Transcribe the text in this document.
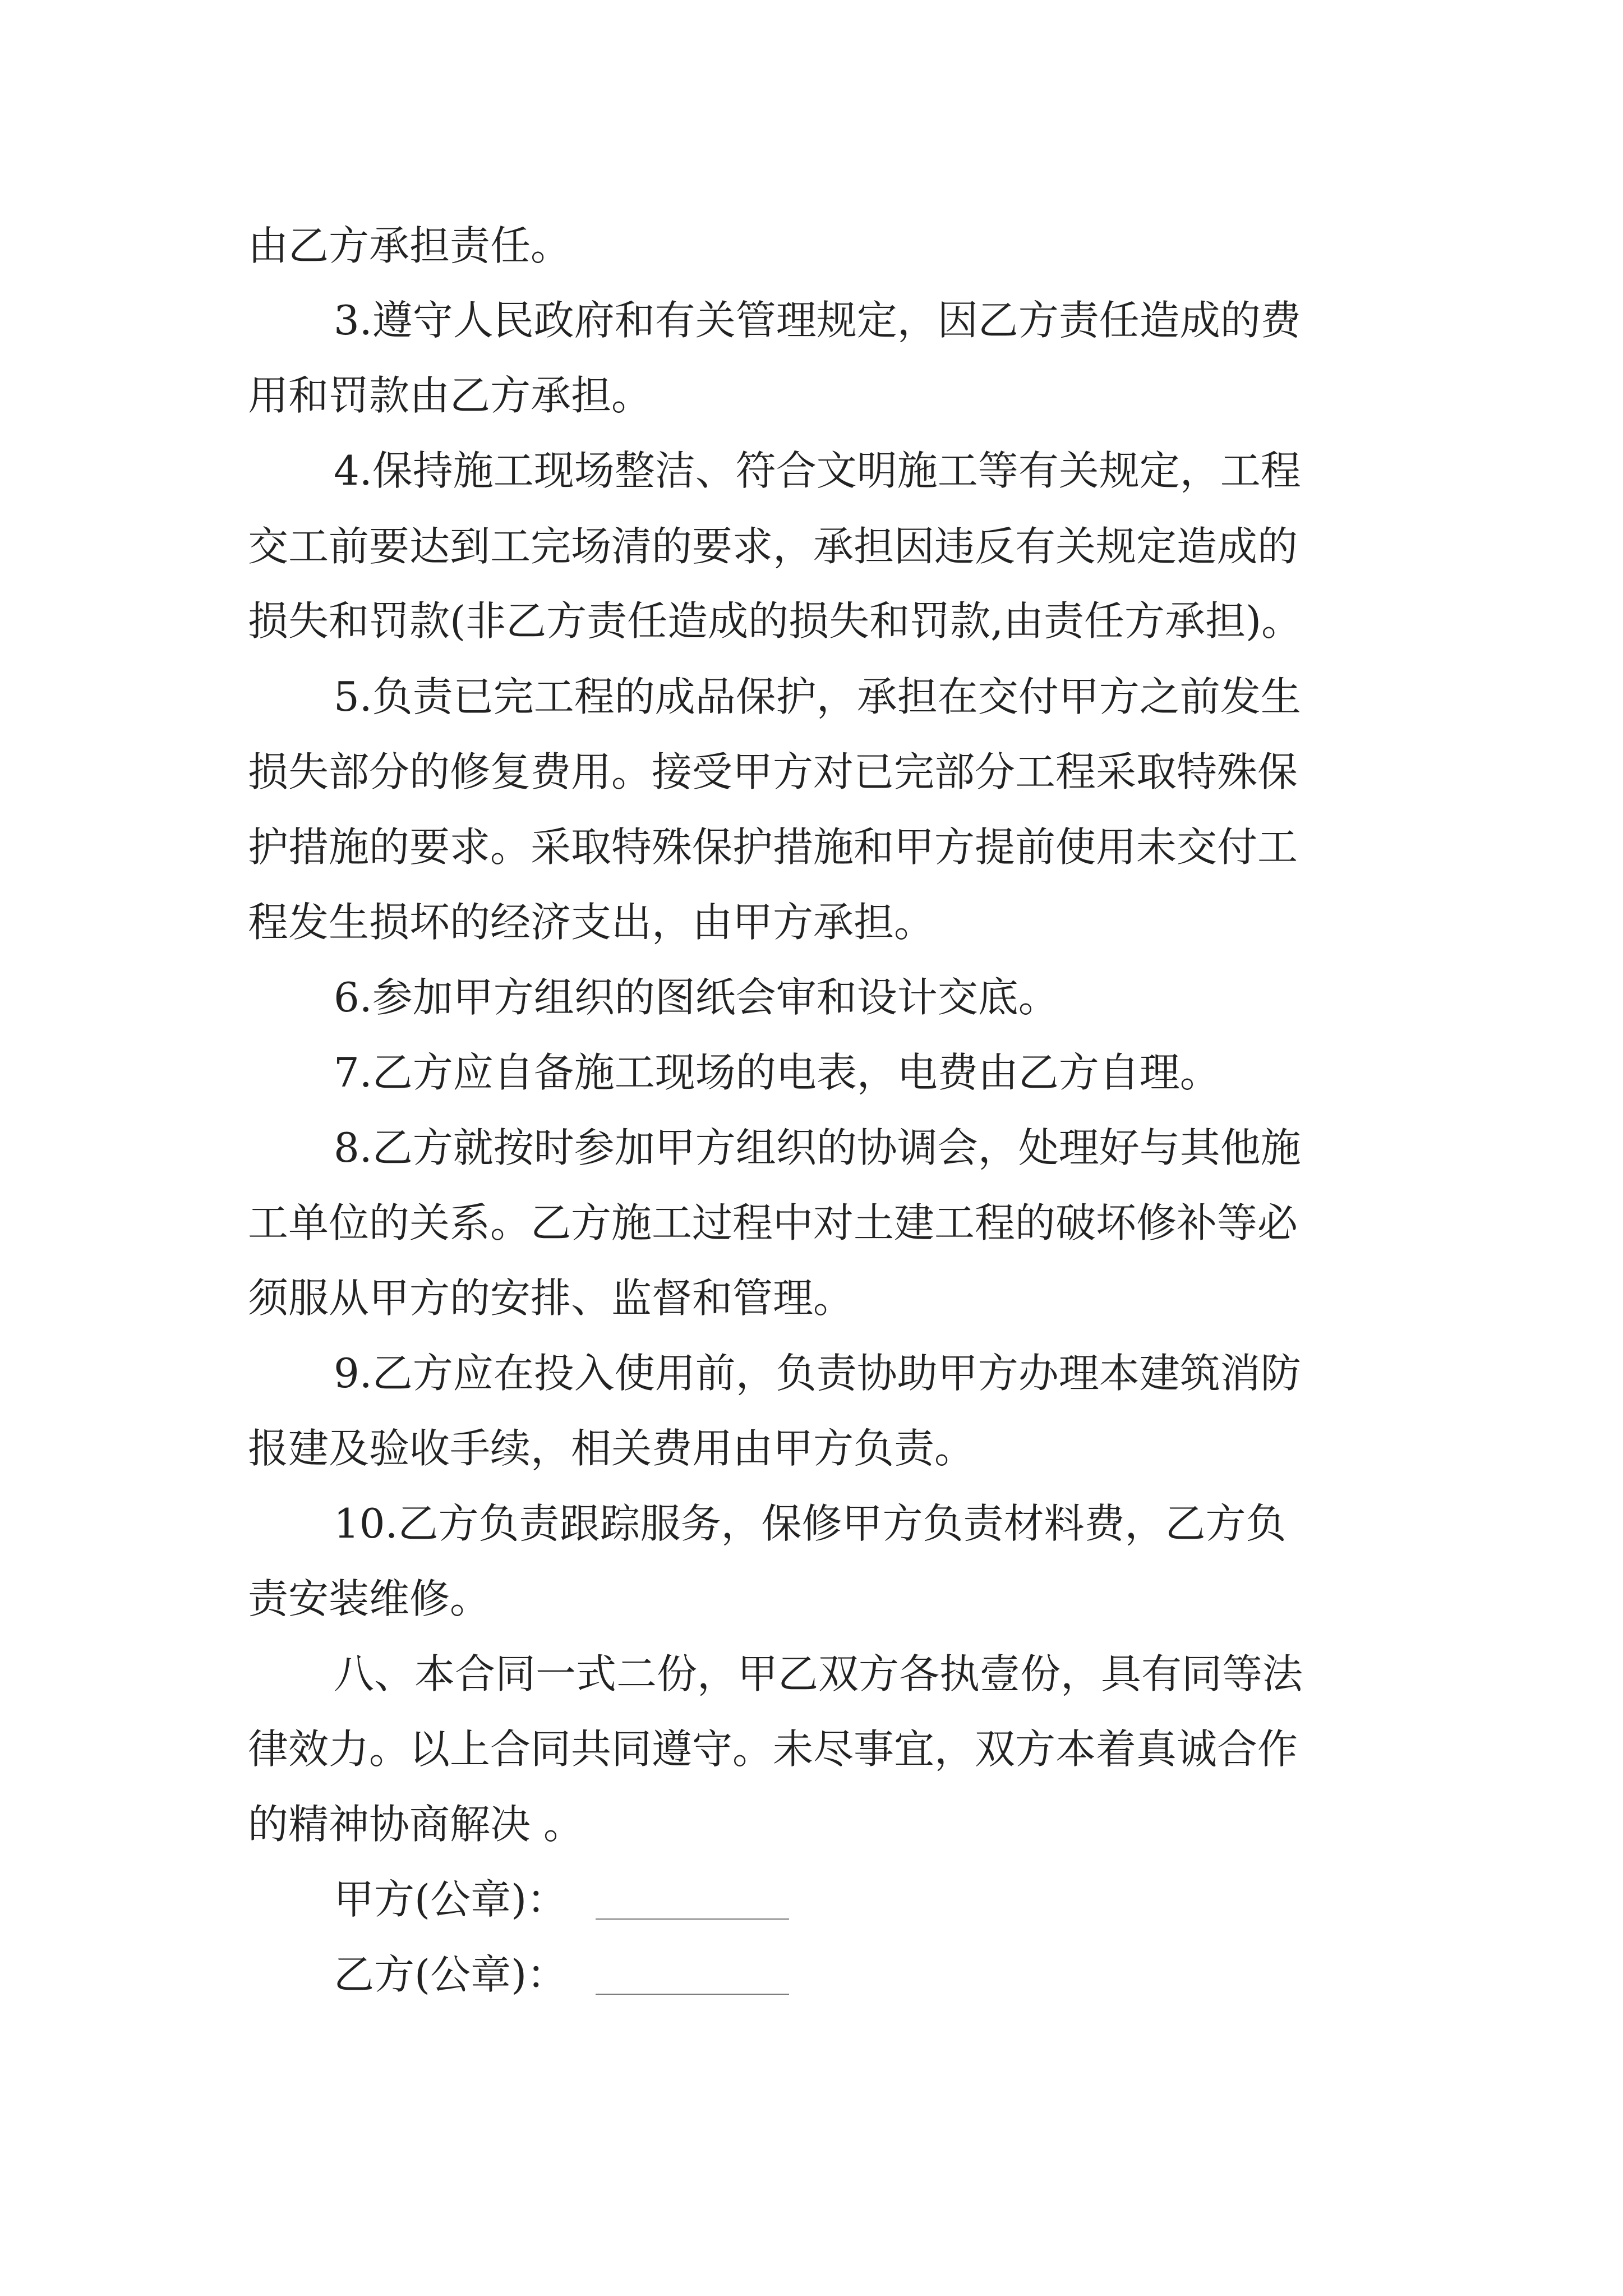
由乙方承担责任。
3.遵守人民政府和有关管理规定，因乙方责任造成的费
用和罚款由乙方承担。
4.保持施工现场整洁、符合文明施工等有关规定，工程
交工前要达到工完场清的要求，承担因违反有关规定造成的
损失和罚款(非乙方责任造成的损失和罚款,由责任方承担)。
5.负责已完工程的成品保护，承担在交付甲方之前发生
损失部分的修复费用。接受甲方对已完部分工程采取特殊保
护措施的要求。采取特殊保护措施和甲方提前使用未交付工
程发生损坏的经济支出，由甲方承担。
6.参加甲方组织的图纸会审和设计交底。
7.乙方应自备施工现场的电表，电费由乙方自理。
8.乙方就按时参加甲方组织的协调会，处理好与其他施
工单位的关系。乙方施工过程中对土建工程的破坏修补等必
须服从甲方的安排、监督和管理。
9.乙方应在投入使用前，负责协助甲方办理本建筑消防
报建及验收手续，相关费用由甲方负责。
10.乙方负责跟踪服务，保修甲方负责材料费，乙方负
责安装维修。
八、本合同一式二份，甲乙双方各执壹份，具有同等法
律效力。以上合同共同遵守。未尽事宜，双方本着真诚合作
的精神协商解决 。
甲方(公章)：
乙方(公章)：
